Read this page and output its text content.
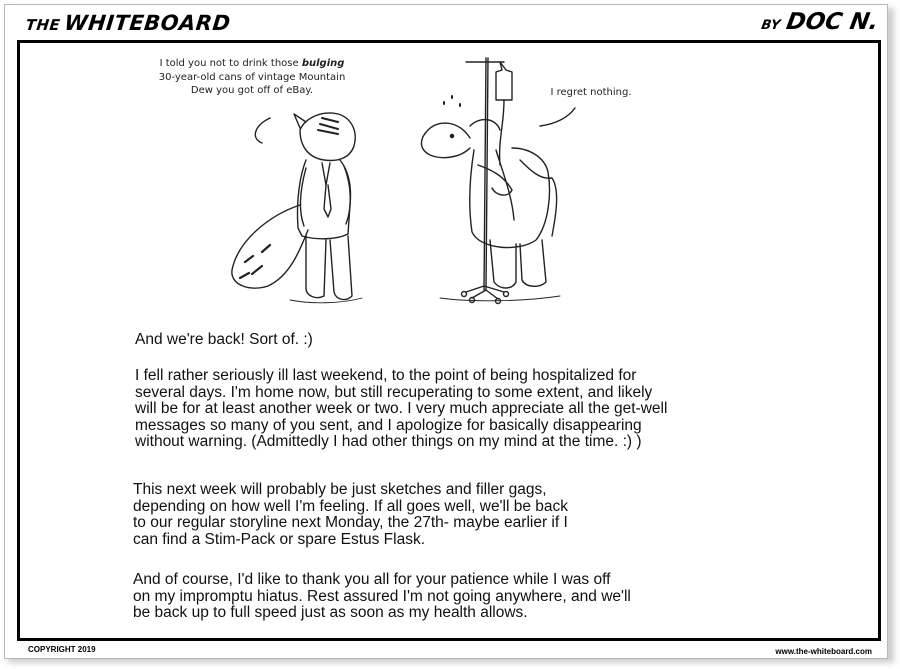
THEWHITEBOARD	BY DOC N.
I told you not to drink those bulging 30-year-old cans of vintage Mountain Dew you got off of eBay.	I regret nothing.
And we're back! Sort of. :)
I fell rather seriously ill last weekend, to the point of being hospitalized for
several days. I'm home now, but still recuperating to some extent, and likely
will be for at least another week or two. I very much appreciate all the get-well
messages so many of you sent, and I apologize for basically disappearing
without warning. (Admittedly I had other things on my mind at the time. :) )
This next week will probably be just sketches and filler gags,
depending on how well I'm feeling. If all goes well, we'll be back
to our regular storyline next Monday, the 27th- maybe earlier if I
can find a Stim-Pack or spare Estus Flask.
And of course, I'd like to thank you all for your patience while I was off
on my impromptu hiatus. Rest assured I'm not going anywhere, and we'll
be back up to full speed just as soon as my health allows.
COPYRIGHT 2019	www.the-whiteboard.com
